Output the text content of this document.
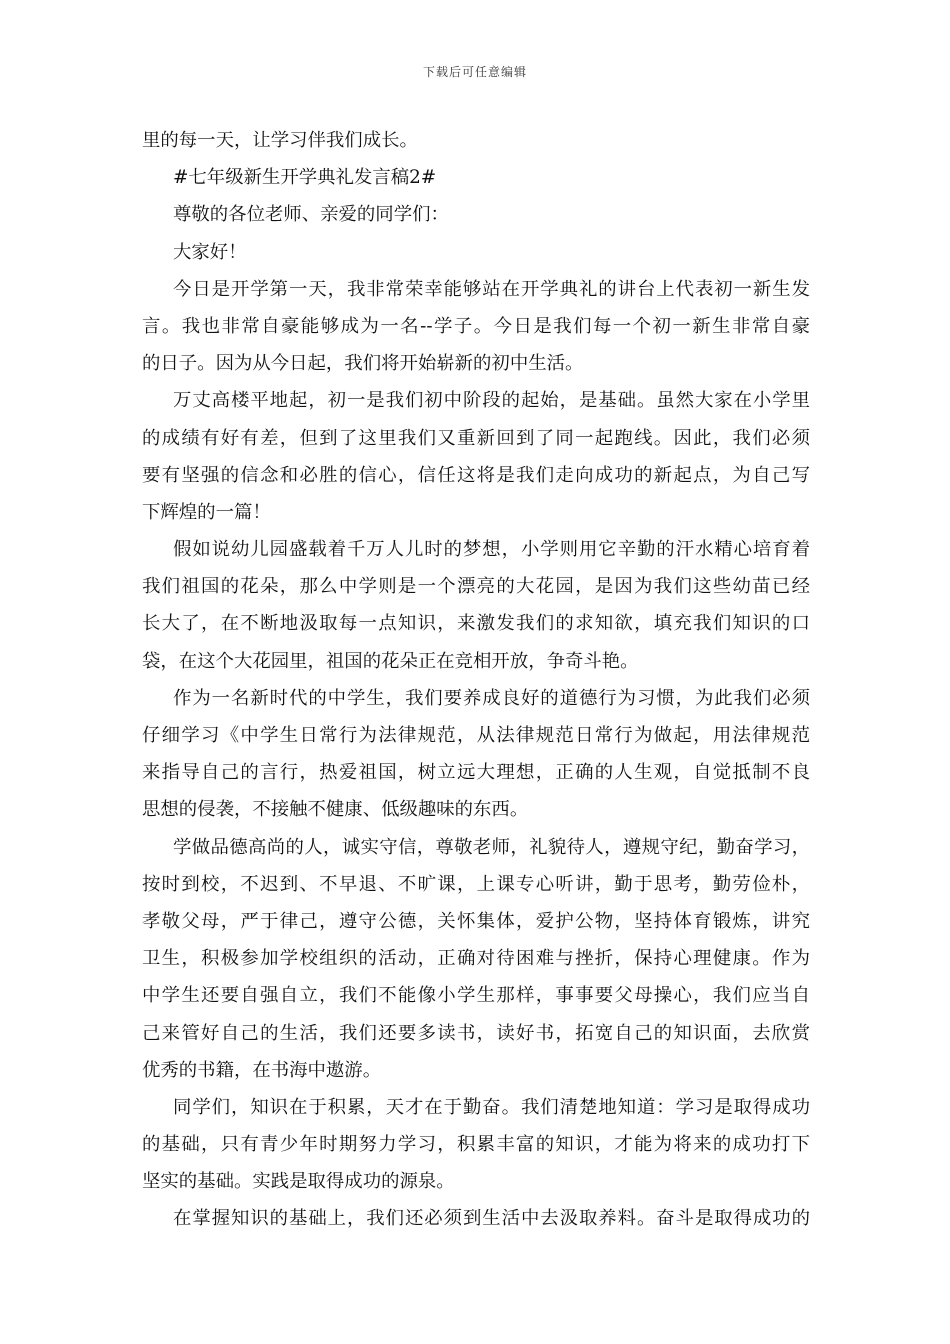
下载后可任意编辑
里的每一天，让学习伴我们成长。
#七年级新生开学典礼发言稿2#
尊敬的各位老师、亲爱的同学们：
大家好！
今日是开学第一天，我非常荣幸能够站在开学典礼的讲台上代表初一新生发
言。我也非常自豪能够成为一名--学子。今日是我们每一个初一新生非常自豪
的日子。因为从今日起，我们将开始崭新的初中生活。
万丈高楼平地起，初一是我们初中阶段的起始，是基础。虽然大家在小学里
的成绩有好有差，但到了这里我们又重新回到了同一起跑线。因此，我们必须
要有坚强的信念和必胜的信心，信任这将是我们走向成功的新起点，为自己写
下辉煌的一篇！
假如说幼儿园盛载着千万人儿时的梦想，小学则用它辛勤的汗水精心培育着
我们祖国的花朵，那么中学则是一个漂亮的大花园，是因为我们这些幼苗已经
长大了，在不断地汲取每一点知识，来激发我们的求知欲，填充我们知识的口
袋，在这个大花园里，祖国的花朵正在竞相开放，争奇斗艳。
作为一名新时代的中学生，我们要养成良好的道德行为习惯，为此我们必须
仔细学习《中学生日常行为法律规范，从法律规范日常行为做起，用法律规范
来指导自己的言行，热爱祖国，树立远大理想，正确的人生观，自觉抵制不良
思想的侵袭，不接触不健康、低级趣味的东西。
学做品德高尚的人，诚实守信，尊敬老师，礼貌待人，遵规守纪，勤奋学习，
按时到校，不迟到、不早退、不旷课，上课专心听讲，勤于思考，勤劳俭朴，
孝敬父母，严于律己，遵守公德，关怀集体，爱护公物，坚持体育锻炼，讲究
卫生，积极参加学校组织的活动，正确对待困难与挫折，保持心理健康。作为
中学生还要自强自立，我们不能像小学生那样，事事要父母操心，我们应当自
己来管好自己的生活，我们还要多读书，读好书，拓宽自己的知识面，去欣赏
优秀的书籍，在书海中遨游。
同学们，知识在于积累，天才在于勤奋。我们清楚地知道：学习是取得成功
的基础，只有青少年时期努力学习，积累丰富的知识，才能为将来的成功打下
坚实的基础。实践是取得成功的源泉。
在掌握知识的基础上，我们还必须到生活中去汲取养料。奋斗是取得成功的
